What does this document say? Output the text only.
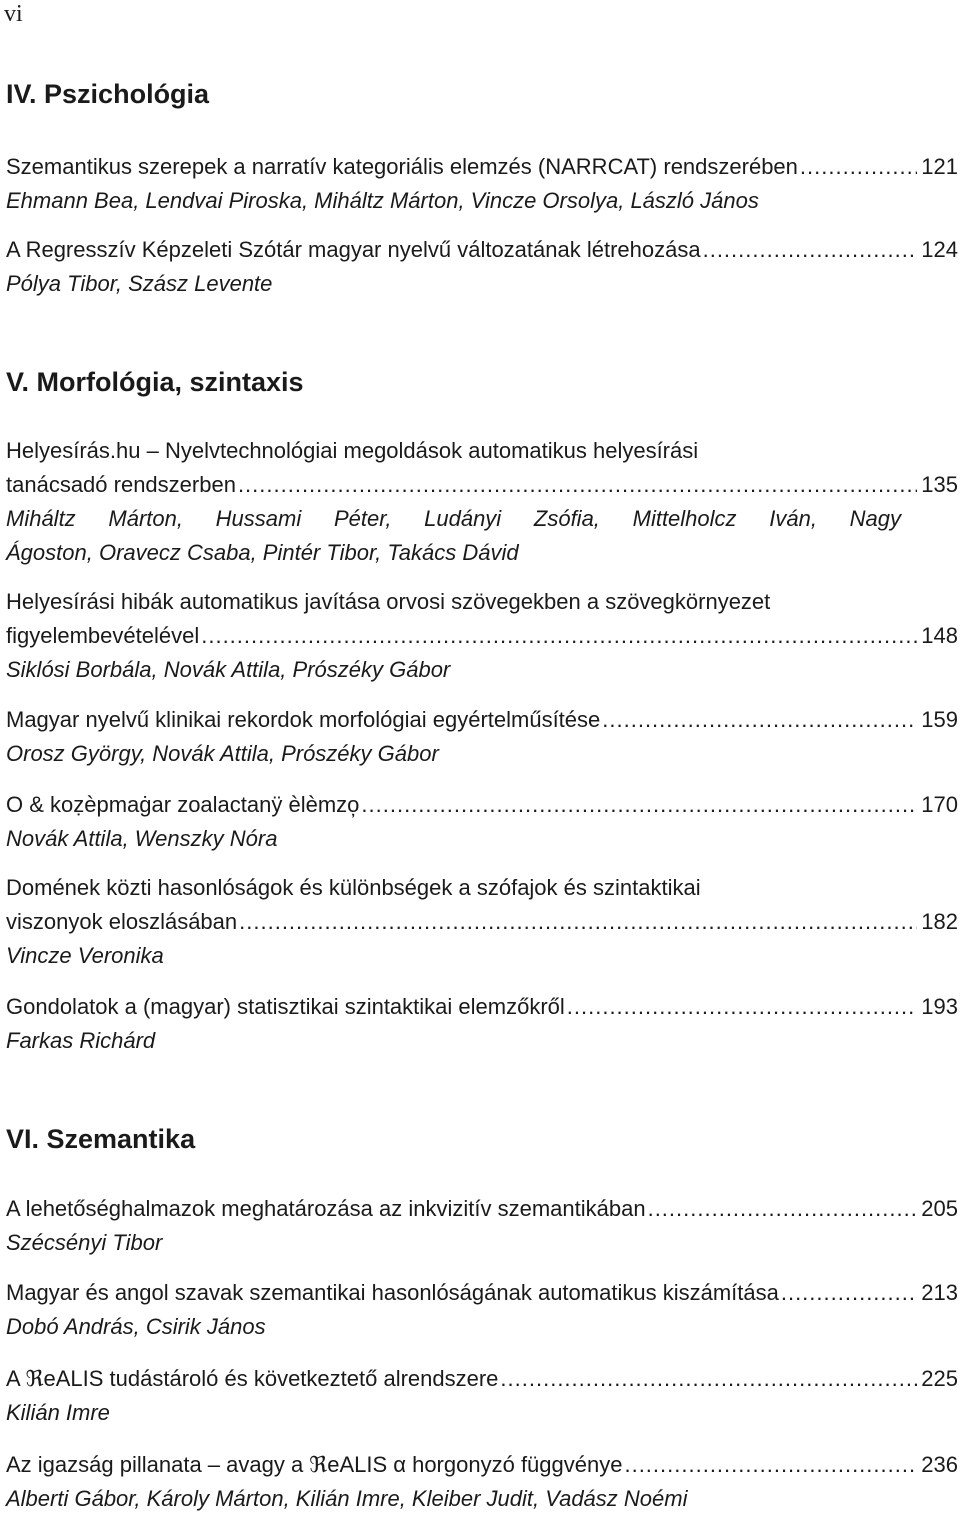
vi
IV. Pszichológia
Szemantikus szerepek a narratív kategoriális elemzés (NARRCAT) rendszerében .....	121
Ehmann Bea, Lendvai Piroska, Miháltz Márton, Vincze Orsolya, László János
A Regresszív Képzeleti Szótár magyar nyelvű változatának létrehozása .....	124
Pólya Tibor, Szász Levente
V. Morfológia, szintaxis
Helyesírás.hu – Nyelvtechnológiai megoldások automatikus helyesírási
tanácsadó rendszerben .....	135
Miháltz Márton, Hussami Péter, Ludányi Zsófia, Mittelholcz Iván, Nagy
Ágoston, Oravecz Csaba, Pintér Tibor, Takács Dávid
Helyesírási hibák automatikus javítása orvosi szövegekben a szövegkörnyezet
figyelembevételével .....	148
Siklósi Borbála, Novák Attila, Prószéky Gábor
Magyar nyelvű klinikai rekordok morfológiai egyértelműsítése .....	159
Orosz György, Novák Attila, Prószéky Gábor
O & koẓèpmaġar zoalactanÿ èlèmzo̦ .....	170
Novák Attila, Wenszky Nóra
Domének közti hasonlóságok és különbségek a szófajok és szintaktikai
viszonyok eloszlásában .....	182
Vincze Veronika
Gondolatok a (magyar) statisztikai szintaktikai elemzőkről .....	193
Farkas Richárd
VI. Szemantika
A lehetőséghalmazok meghatározása az inkvizitív szemantikában .....	205
Szécsényi Tibor
Magyar és angol szavak szemantikai hasonlóságának automatikus kiszámítása .....	213
Dobó András, Csirik János
A ℜeALIS tudástároló és következtető alrendszere .....	225
Kilián Imre
Az igazság pillanata – avagy a ℜeALIS α horgonyzó függvénye .....	236
Alberti Gábor, Károly Márton, Kilián Imre, Kleiber Judit, Vadász Noémi
